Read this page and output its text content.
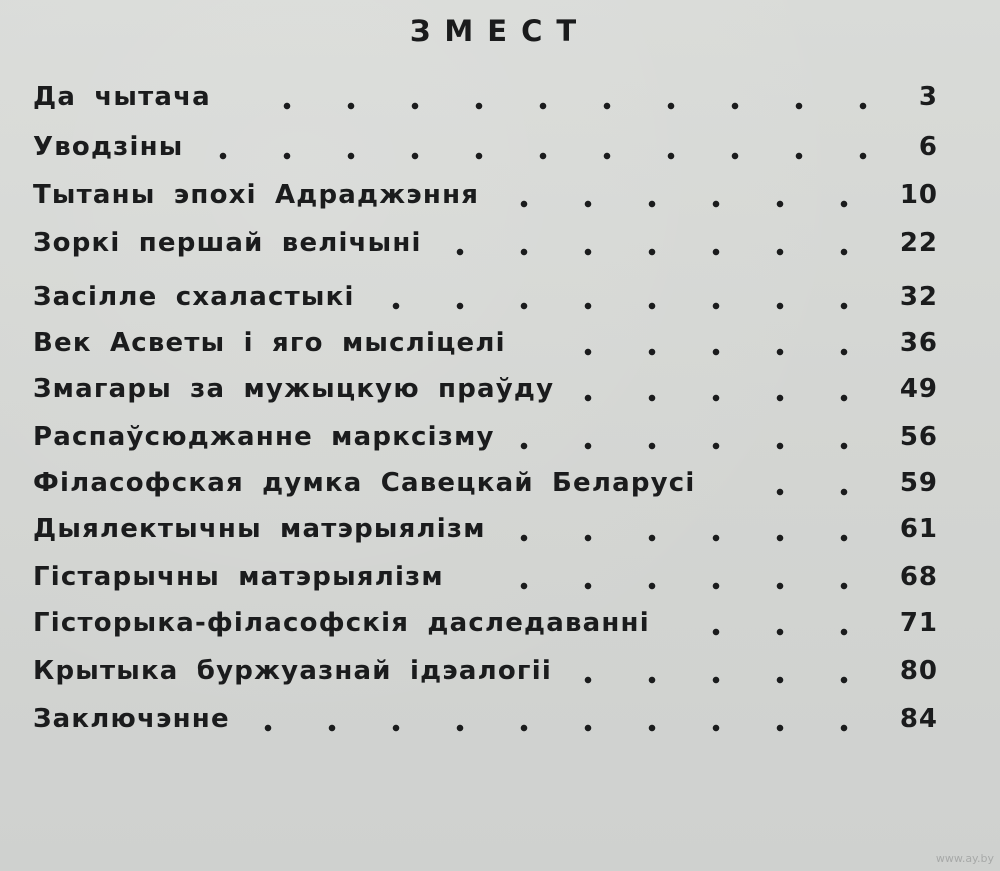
ЗМЕСТ
Да чытача	3
Уводзіны	6
Тытаны эпохі Адраджэння	10
Зоркі першай велічыні	22
Засілле схаластыкі	32
Век Асветы і яго мысліцелі	36
Змагары за мужыцкую праўду	49
Распаўсюджанне марксізму	56
Філасофская думка Савецкай Беларусі	59
Дыялектычны матэрыялізм	61
Гістарычны матэрыялізм	68
Гісторыка-філасофскія даследаванні	71
Крытыка буржуазнай ідэалогіі	80
Заключэнне	84
www.ay.by
